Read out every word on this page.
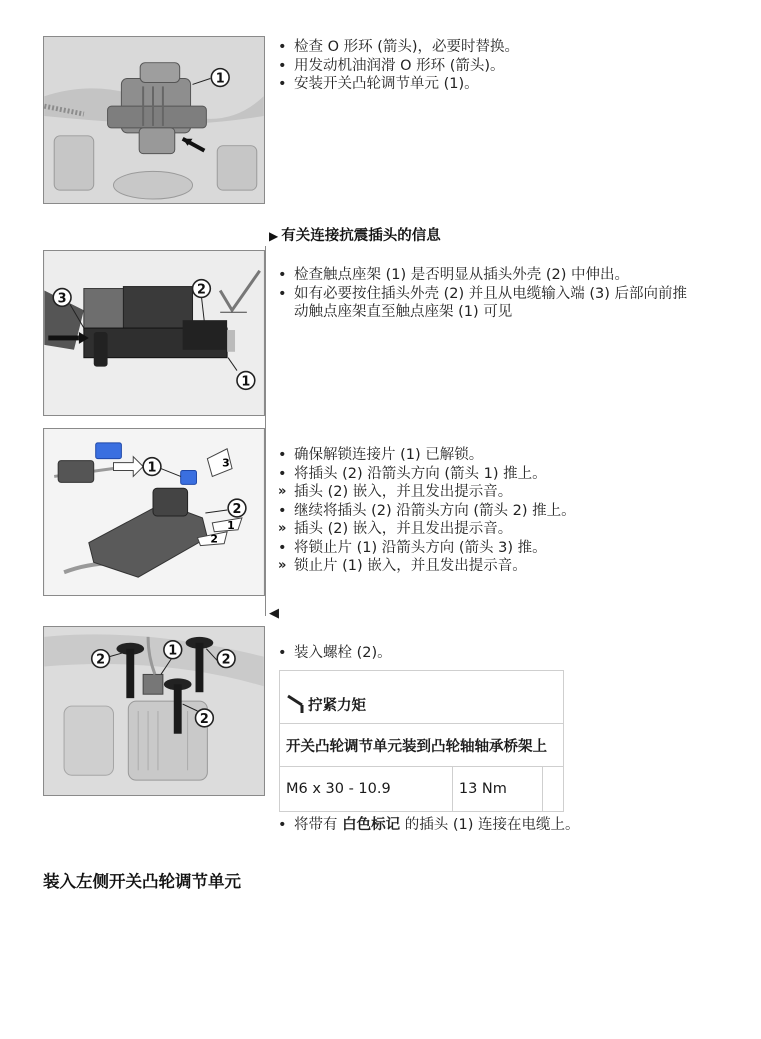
1
• 检查 O 形环 (箭头)，必要时替换。
• 用发动机油润滑 O 形环 (箭头)。
• 安装开关凸轮调节单元 (1)。
▶ 有关连接抗震插头的信息
3
2
1
• 检查触点座架 (1) 是否明显从插头外壳 (2) 中伸出。
• 如有必要按住插头外壳 (2) 并且从电缆输入端 (3) 后部向前推
动触点座架直至触点座架 (1) 可见
3
1
2
1
2
• 确保解锁连接片 (1) 已解锁。
• 将插头 (2) 沿箭头方向 (箭头 1) 推上。
» 插头 (2) 嵌入，并且发出提示音。
• 继续将插头 (2) 沿箭头方向 (箭头 2) 推上。
» 插头 (2) 嵌入，并且发出提示音。
• 将锁止片 (1) 沿箭头方向 (箭头 3) 推。
» 锁止片 (1) 嵌入，并且发出提示音。
◀
2
1
2
2
• 装入螺栓 (2)。
拧紧力矩
开关凸轮调节单元装到凸轮轴轴承桥架上
M6 x 30 - 10.9	13 Nm	
• 将带有 白色标记 的插头 (1) 连接在电缆上。
装入左侧开关凸轮调节单元
